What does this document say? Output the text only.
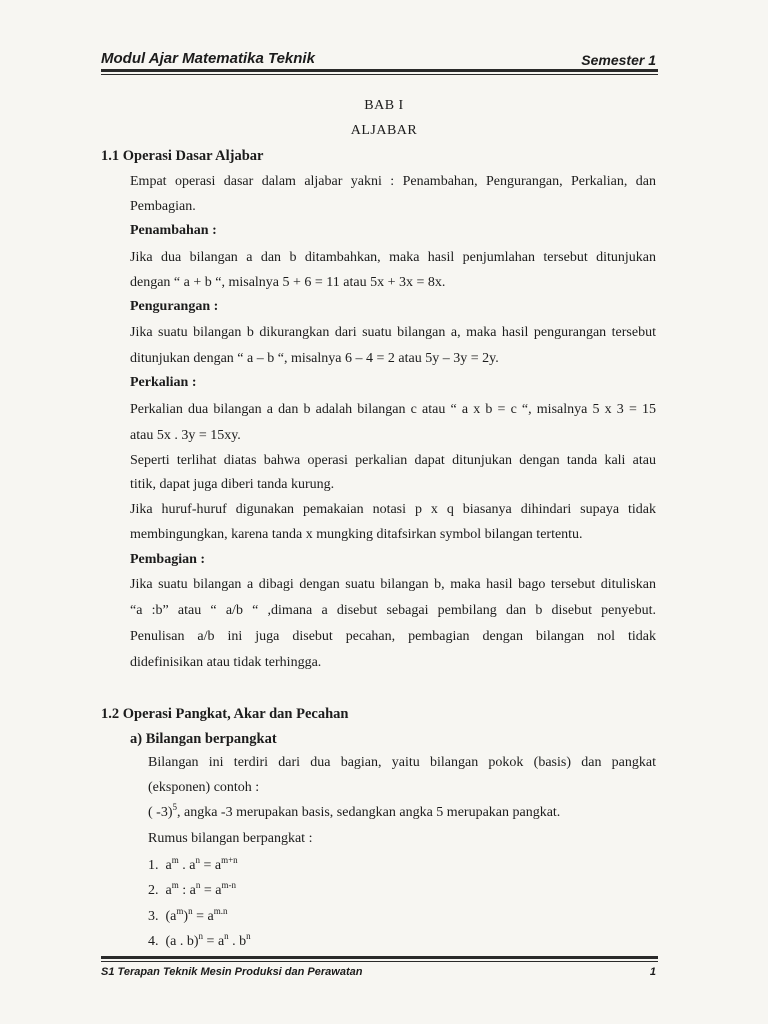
Modul Ajar Matematika Teknik	Semester 1
BAB I
ALJABAR
1.1 Operasi Dasar Aljabar
Empat operasi dasar dalam aljabar yakni : Penambahan, Pengurangan, Perkalian, dan
Pembagian.
Penambahan :
Jika dua bilangan a dan b ditambahkan, maka hasil penjumlahan tersebut ditunjukan
dengan “ a + b “, misalnya 5 + 6 = 11 atau 5x + 3x = 8x.
Pengurangan :
Jika suatu bilangan b dikurangkan dari suatu bilangan a, maka hasil pengurangan tersebut
ditunjukan dengan “ a – b “, misalnya 6 – 4 = 2 atau 5y – 3y = 2y.
Perkalian :
Perkalian dua bilangan a dan b adalah bilangan c atau “ a x b = c “, misalnya 5 x 3 = 15
atau 5x . 3y = 15xy.
Seperti terlihat diatas bahwa operasi perkalian dapat ditunjukan dengan tanda kali atau
titik, dapat juga diberi tanda kurung.
Jika huruf-huruf digunakan pemakaian notasi p x q biasanya dihindari supaya tidak
membingungkan, karena tanda x mungking ditafsirkan symbol bilangan tertentu.
Pembagian :
Jika suatu bilangan a dibagi dengan suatu bilangan b, maka hasil bago tersebut dituliskan
“a :b” atau “ a/b “ ,dimana a disebut sebagai pembilang dan b disebut penyebut.
Penulisan a/b ini juga disebut pecahan, pembagian dengan bilangan nol tidak
didefinisikan atau tidak terhingga.
1.2 Operasi Pangkat, Akar dan Pecahan
a) Bilangan berpangkat
Bilangan ini terdiri dari dua bagian, yaitu bilangan pokok (basis) dan pangkat
(eksponen) contoh :
( -3)$^5$, angka -3 merupakan basis, sedangkan angka 5 merupakan pangkat.
Rumus bilangan berpangkat :
1. $a^m$ . $a^n = a^{m+n}$
2. $a^m$ : $a^n = a^{m-n}$
3. $(a^m)^n = a^{m.n}$
4. (a . $b)^n = a^n$ . $b^n$
S1 Terapan Teknik Mesin Produksi dan Perawatan	1
